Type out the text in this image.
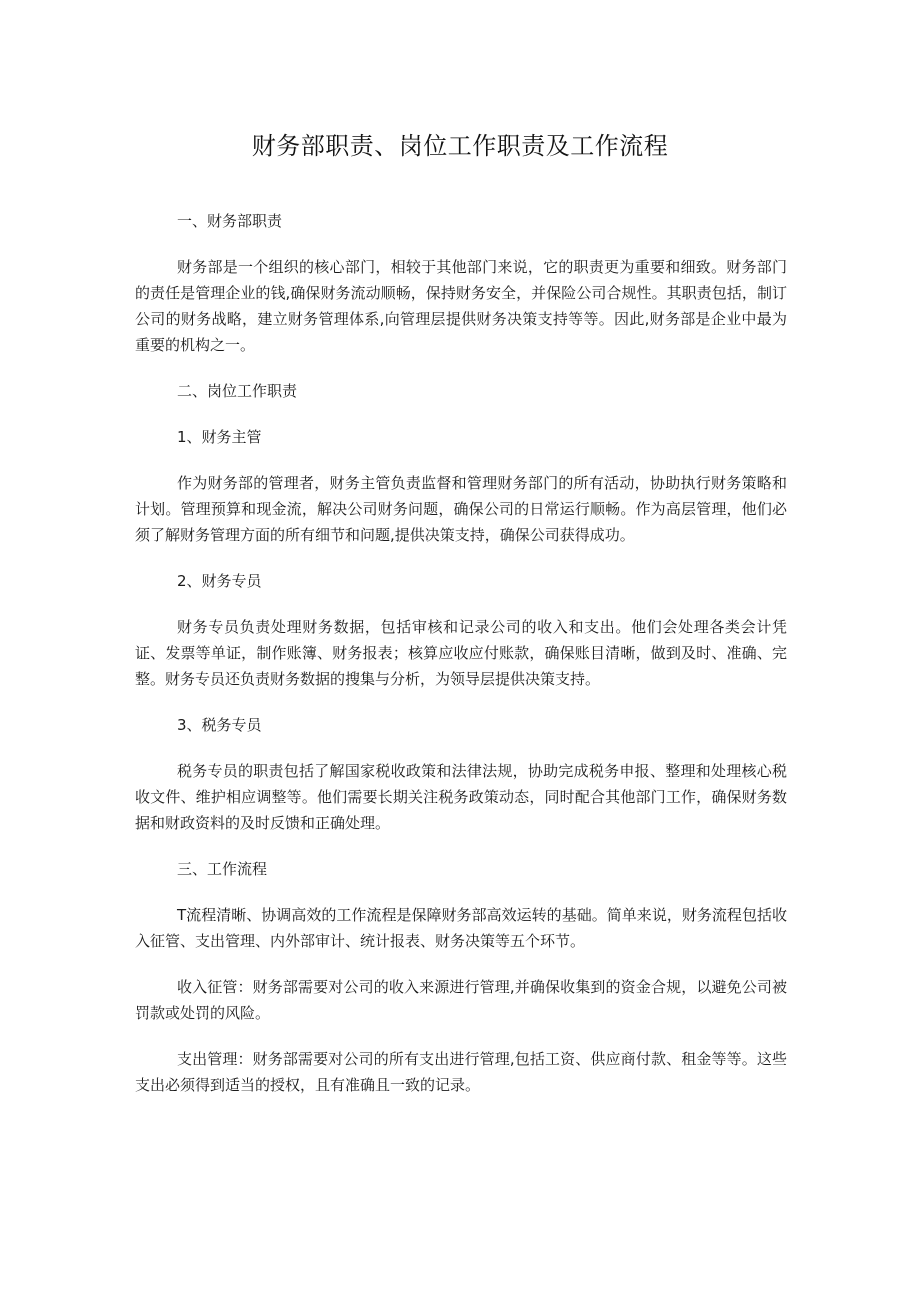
财务部职责、岗位工作职责及工作流程

一、财务部职责

财务部是一个组织的核心部门，相较于其他部门来说，它的职责更为重要和细致。财务部门的责任是管理企业的钱,确保财务流动顺畅，保持财务安全，并保险公司合规性。其职责包括，制订公司的财务战略，建立财务管理体系,向管理层提供财务决策支持等等。因此,财务部是企业中最为重要的机构之一。

二、岗位工作职责

1、财务主管

作为财务部的管理者，财务主管负责监督和管理财务部门的所有活动，协助执行财务策略和计划。管理预算和现金流，解决公司财务问题，确保公司的日常运行顺畅。作为高层管理，他们必须了解财务管理方面的所有细节和问题,提供决策支持，确保公司获得成功。

2、财务专员

财务专员负责处理财务数据，包括审核和记录公司的收入和支出。他们会处理各类会计凭证、发票等单证，制作账簿、财务报表；核算应收应付账款，确保账目清晰，做到及时、准确、完整。财务专员还负责财务数据的搜集与分析，为领导层提供决策支持。

3、税务专员

税务专员的职责包括了解国家税收政策和法律法规，协助完成税务申报、整理和处理核心税收文件、维护相应调整等。他们需要长期关注税务政策动态，同时配合其他部门工作，确保财务数据和财政资料的及时反馈和正确处理。

三、工作流程

T流程清晰、协调高效的工作流程是保障财务部高效运转的基础。简单来说，财务流程包括收入征管、支出管理、内外部审计、统计报表、财务决策等五个环节。

收入征管：财务部需要对公司的收入来源进行管理,并确保收集到的资金合规，以避免公司被罚款或处罚的风险。

支出管理：财务部需要对公司的所有支出进行管理,包括工资、供应商付款、租金等等。这些支出必须得到适当的授权，且有准确且一致的记录。
